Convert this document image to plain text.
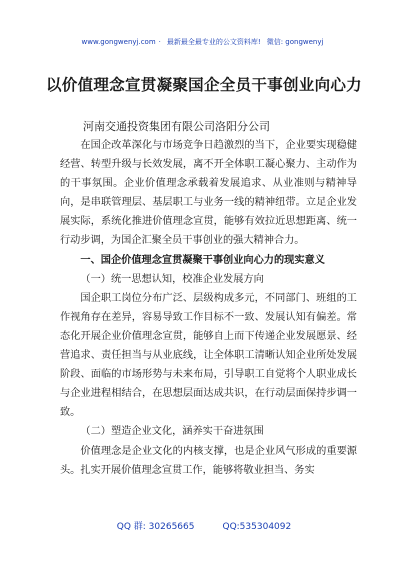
www.gongwenyj.com · 最新最全最专业的公文资料库! 微信: gongwenyj
以价值理念宣贯凝聚国企全员干事创业向心力

河南交通投资集团有限公司洛阳分公司

在国企改革深化与市场竞争日趋激烈的当下，企业要实现稳健经营、转型升级与长效发展，离不开全体职工凝心聚力、主动作为的干事氛围。企业价值理念承载着发展追求、从业准则与精神导向，是串联管理层、基层职工与业务一线的精神纽带。立足企业发展实际，系统化推进价值理念宣贯，能够有效拉近思想距离、统一行动步调，为国企汇聚全员干事创业的强大精神合力。

一、国企价值理念宣贯凝聚干事创业向心力的现实意义

（一）统一思想认知，校准企业发展方向

国企职工岗位分布广泛、层级构成多元，不同部门、班组的工作视角存在差异，容易导致工作目标不一致、发展认知有偏差。常态化开展企业价值理念宣贯，能够自上而下传递企业发展愿景、经营追求、责任担当与从业底线，让全体职工清晰认知企业所处发展阶段、面临的市场形势与未来布局，引导职工自觉将个人职业成长与企业进程相结合，在思想层面达成共识，在行动层面保持步调一致。

（二）塑造企业文化，涵养实干奋进氛围

价值理念是企业文化的内核支撑，也是企业风气形成的重要源头。扎实开展价值理念宣贯工作，能够将敬业担当、务实

QQ 群: 30265665	QQ:535304092
